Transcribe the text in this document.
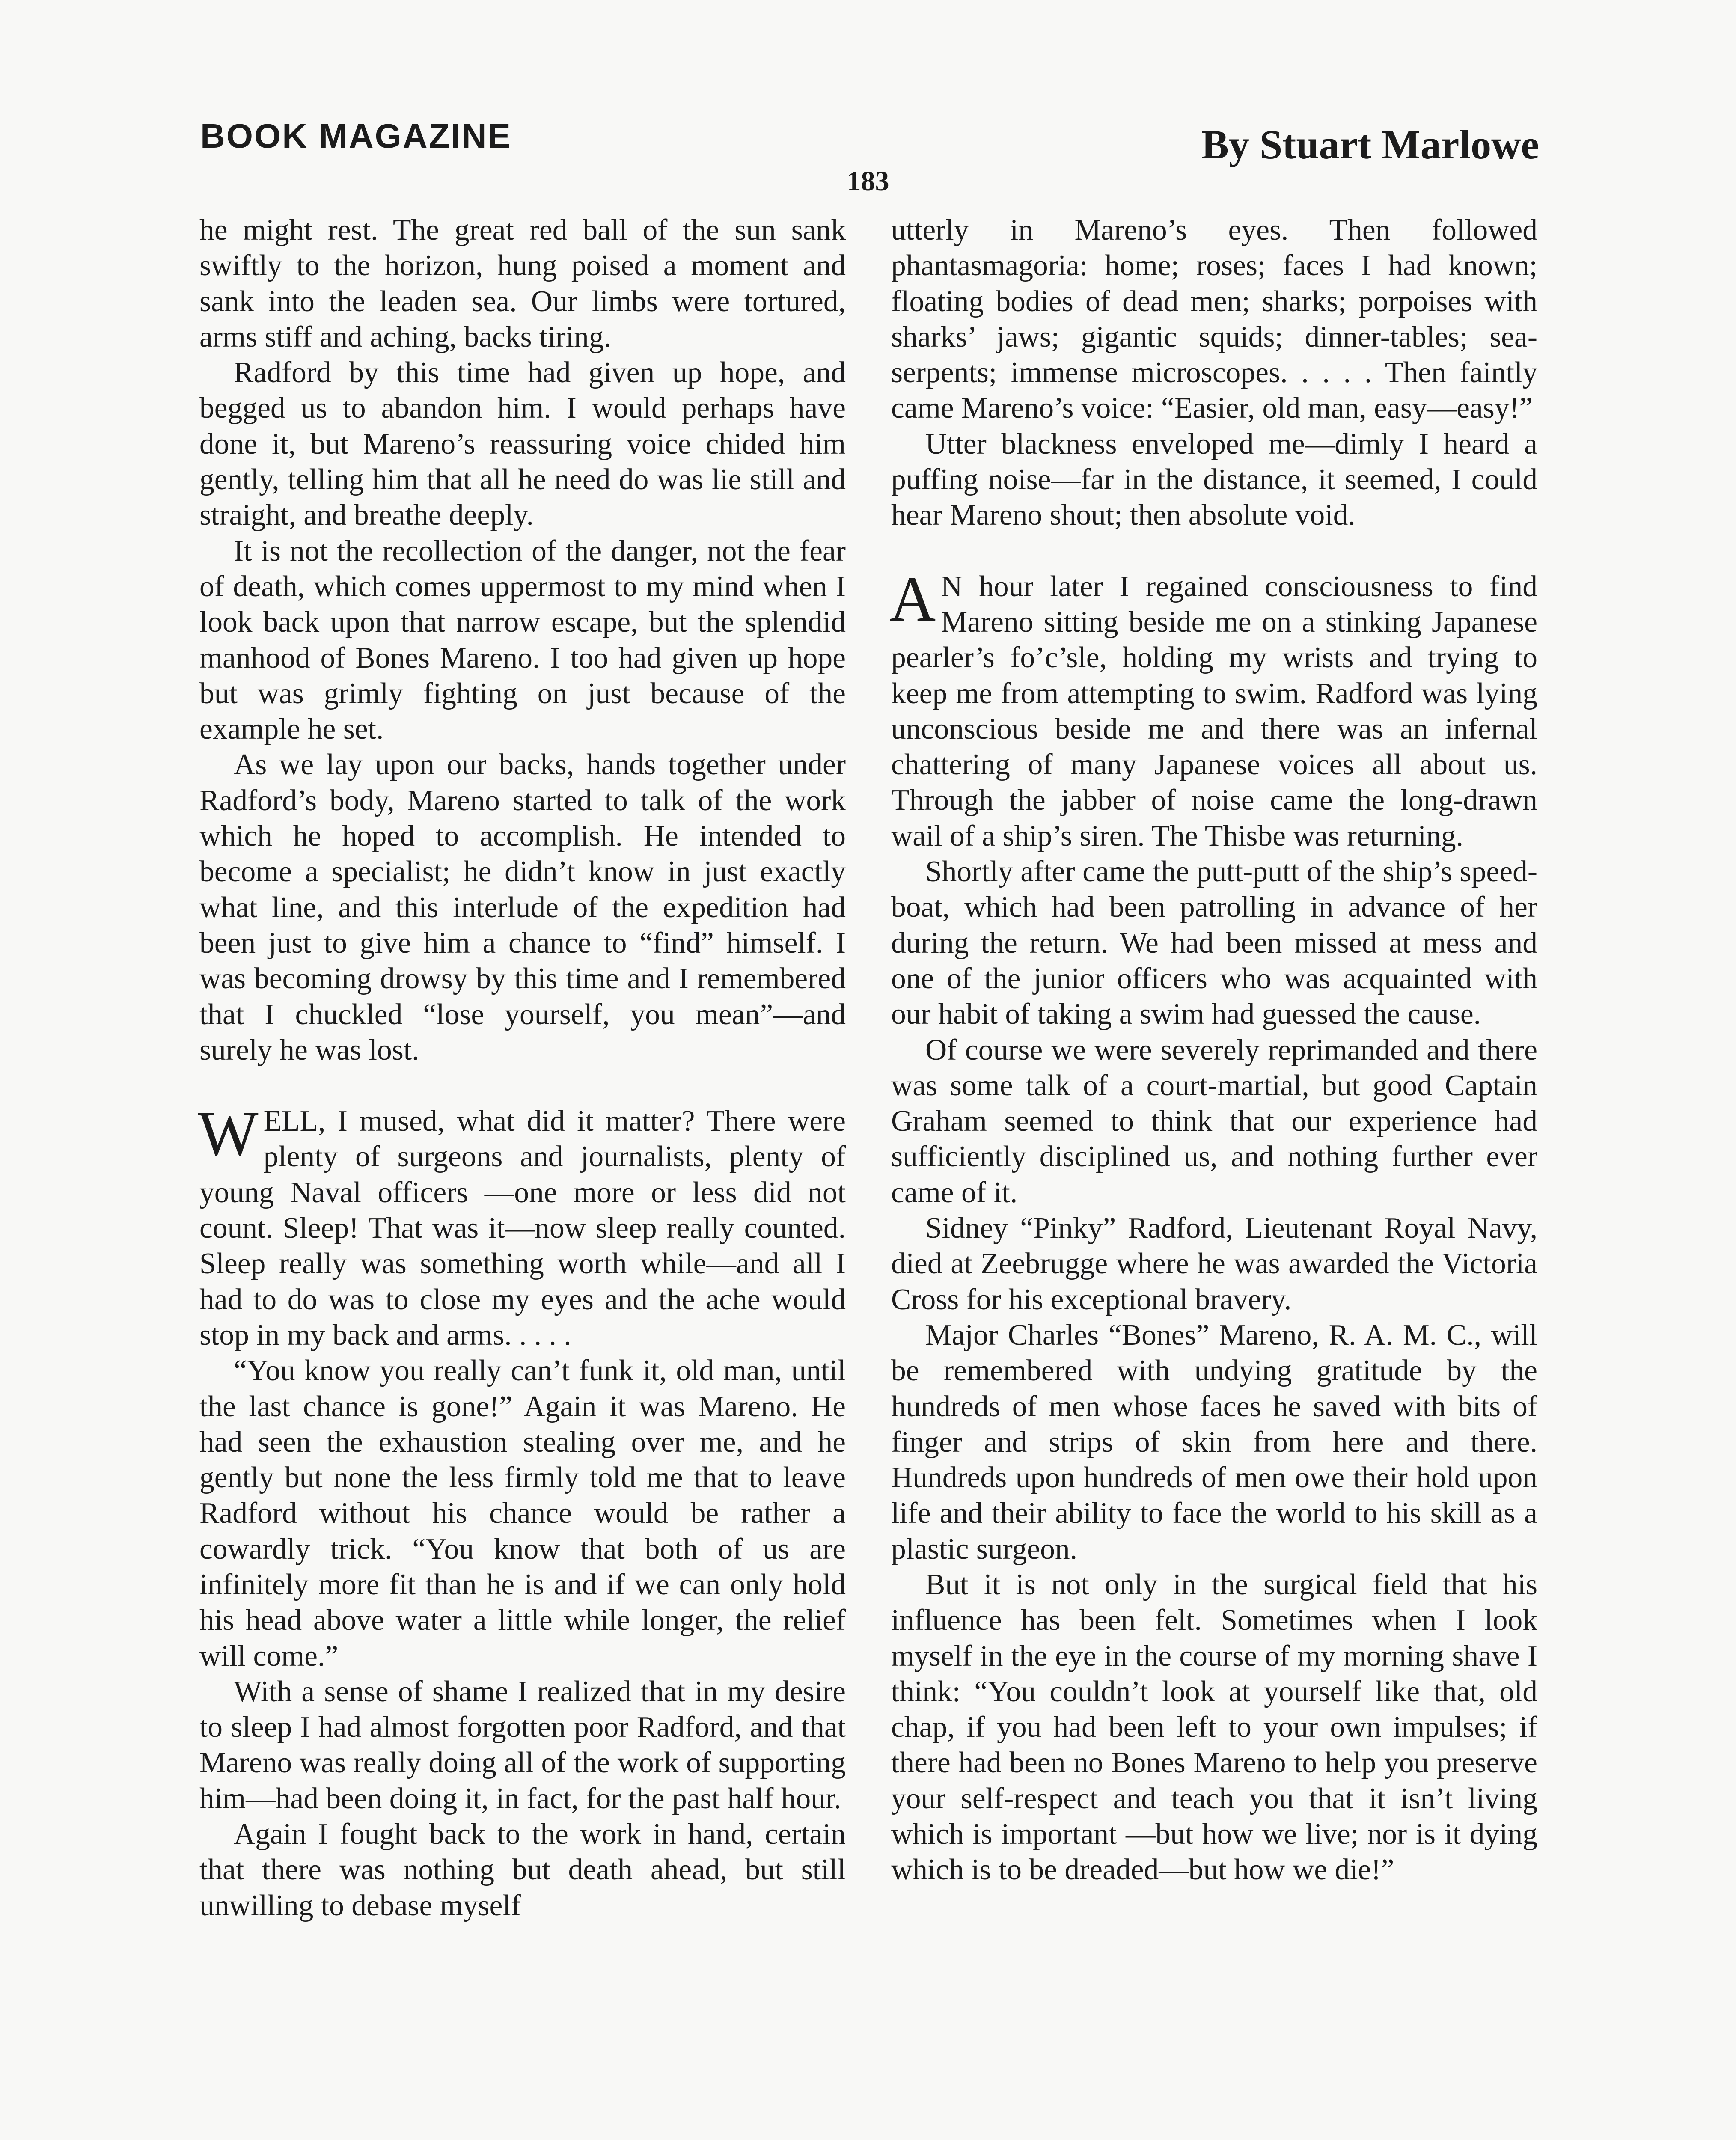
BOOK MAGAZINE	By Stuart Marlowe
183

he might rest. The great red ball of the sun sank swiftly to the horizon, hung poised a moment and sank into the leaden sea. Our limbs were tortured, arms stiff and aching, backs tiring.

Radford by this time had given up hope, and begged us to abandon him. I would perhaps have done it, but Mareno’s reassuring voice chided him gently, telling him that all he need do was lie still and straight, and breathe deeply.

It is not the recollection of the danger, not the fear of death, which comes uppermost to my mind when I look back upon that narrow escape, but the splendid manhood of Bones Mareno. I too had given up hope but was grimly fighting on just because of the example he set.

As we lay upon our backs, hands together under Radford’s body, Mareno started to talk of the work which he hoped to accomplish. He intended to become a specialist; he didn’t know in just exactly what line, and this interlude of the expedition had been just to give him a chance to “find” himself. I was becoming drowsy by this time and I remembered that I chuckled “lose yourself, you mean”—and surely he was lost.

WELL, I mused, what did it matter? There were plenty of surgeons and journalists, plenty of young Naval officers —one more or less did not count. Sleep! That was it—now sleep really counted. Sleep really was something worth while—and all I had to do was to close my eyes and the ache would stop in my back and arms. . . . .

“You know you really can’t funk it, old man, until the last chance is gone!” Again it was Mareno. He had seen the exhaustion stealing over me, and he gently but none the less firmly told me that to leave Radford without his chance would be rather a cowardly trick. “You know that both of us are infinitely more fit than he is and if we can only hold his head above water a little while longer, the relief will come.”

With a sense of shame I realized that in my desire to sleep I had almost forgotten poor Radford, and that Mareno was really doing all of the work of supporting him—had been doing it, in fact, for the past half hour.

Again I fought back to the work in hand, certain that there was nothing but death ahead, but still unwilling to debase myself

utterly in Mareno’s eyes. Then followed phantasmagoria: home; roses; faces I had known; floating bodies of dead men; sharks; porpoises with sharks’ jaws; gigantic squids; dinner-tables; sea-serpents; immense microscopes. . . . . Then faintly came Mareno’s voice: “Easier, old man, easy—easy!”

Utter blackness enveloped me—dimly I heard a puffing noise—far in the distance, it seemed, I could hear Mareno shout; then absolute void.

A N hour later I regained consciousness to find Mareno sitting beside me on a stinking Japanese pearler’s fo’c’sle, holding my wrists and trying to keep me from attempting to swim. Radford was lying unconscious beside me and there was an infernal chattering of many Japanese voices all about us. Through the jabber of noise came the long-drawn wail of a ship’s siren. The Thisbe was returning.

Shortly after came the putt-putt of the ship’s speed-boat, which had been patrolling in advance of her during the return. We had been missed at mess and one of the junior officers who was acquainted with our habit of taking a swim had guessed the cause.

Of course we were severely reprimanded and there was some talk of a court-martial, but good Captain Graham seemed to think that our experience had sufficiently disciplined us, and nothing further ever came of it.

Sidney “Pinky” Radford, Lieutenant Royal Navy, died at Zeebrugge where he was awarded the Victoria Cross for his exceptional bravery.

Major Charles “Bones” Mareno, R. A. M. C., will be remembered with undying gratitude by the hundreds of men whose faces he saved with bits of finger and strips of skin from here and there. Hundreds upon hundreds of men owe their hold upon life and their ability to face the world to his skill as a plastic surgeon.

But it is not only in the surgical field that his influence has been felt. Sometimes when I look myself in the eye in the course of my morning shave I think: “You couldn’t look at yourself like that, old chap, if you had been left to your own impulses; if there had been no Bones Mareno to help you preserve your self-respect and teach you that it isn’t living which is important —but how we live; nor is it dying which is to be dreaded—but how we die!”
